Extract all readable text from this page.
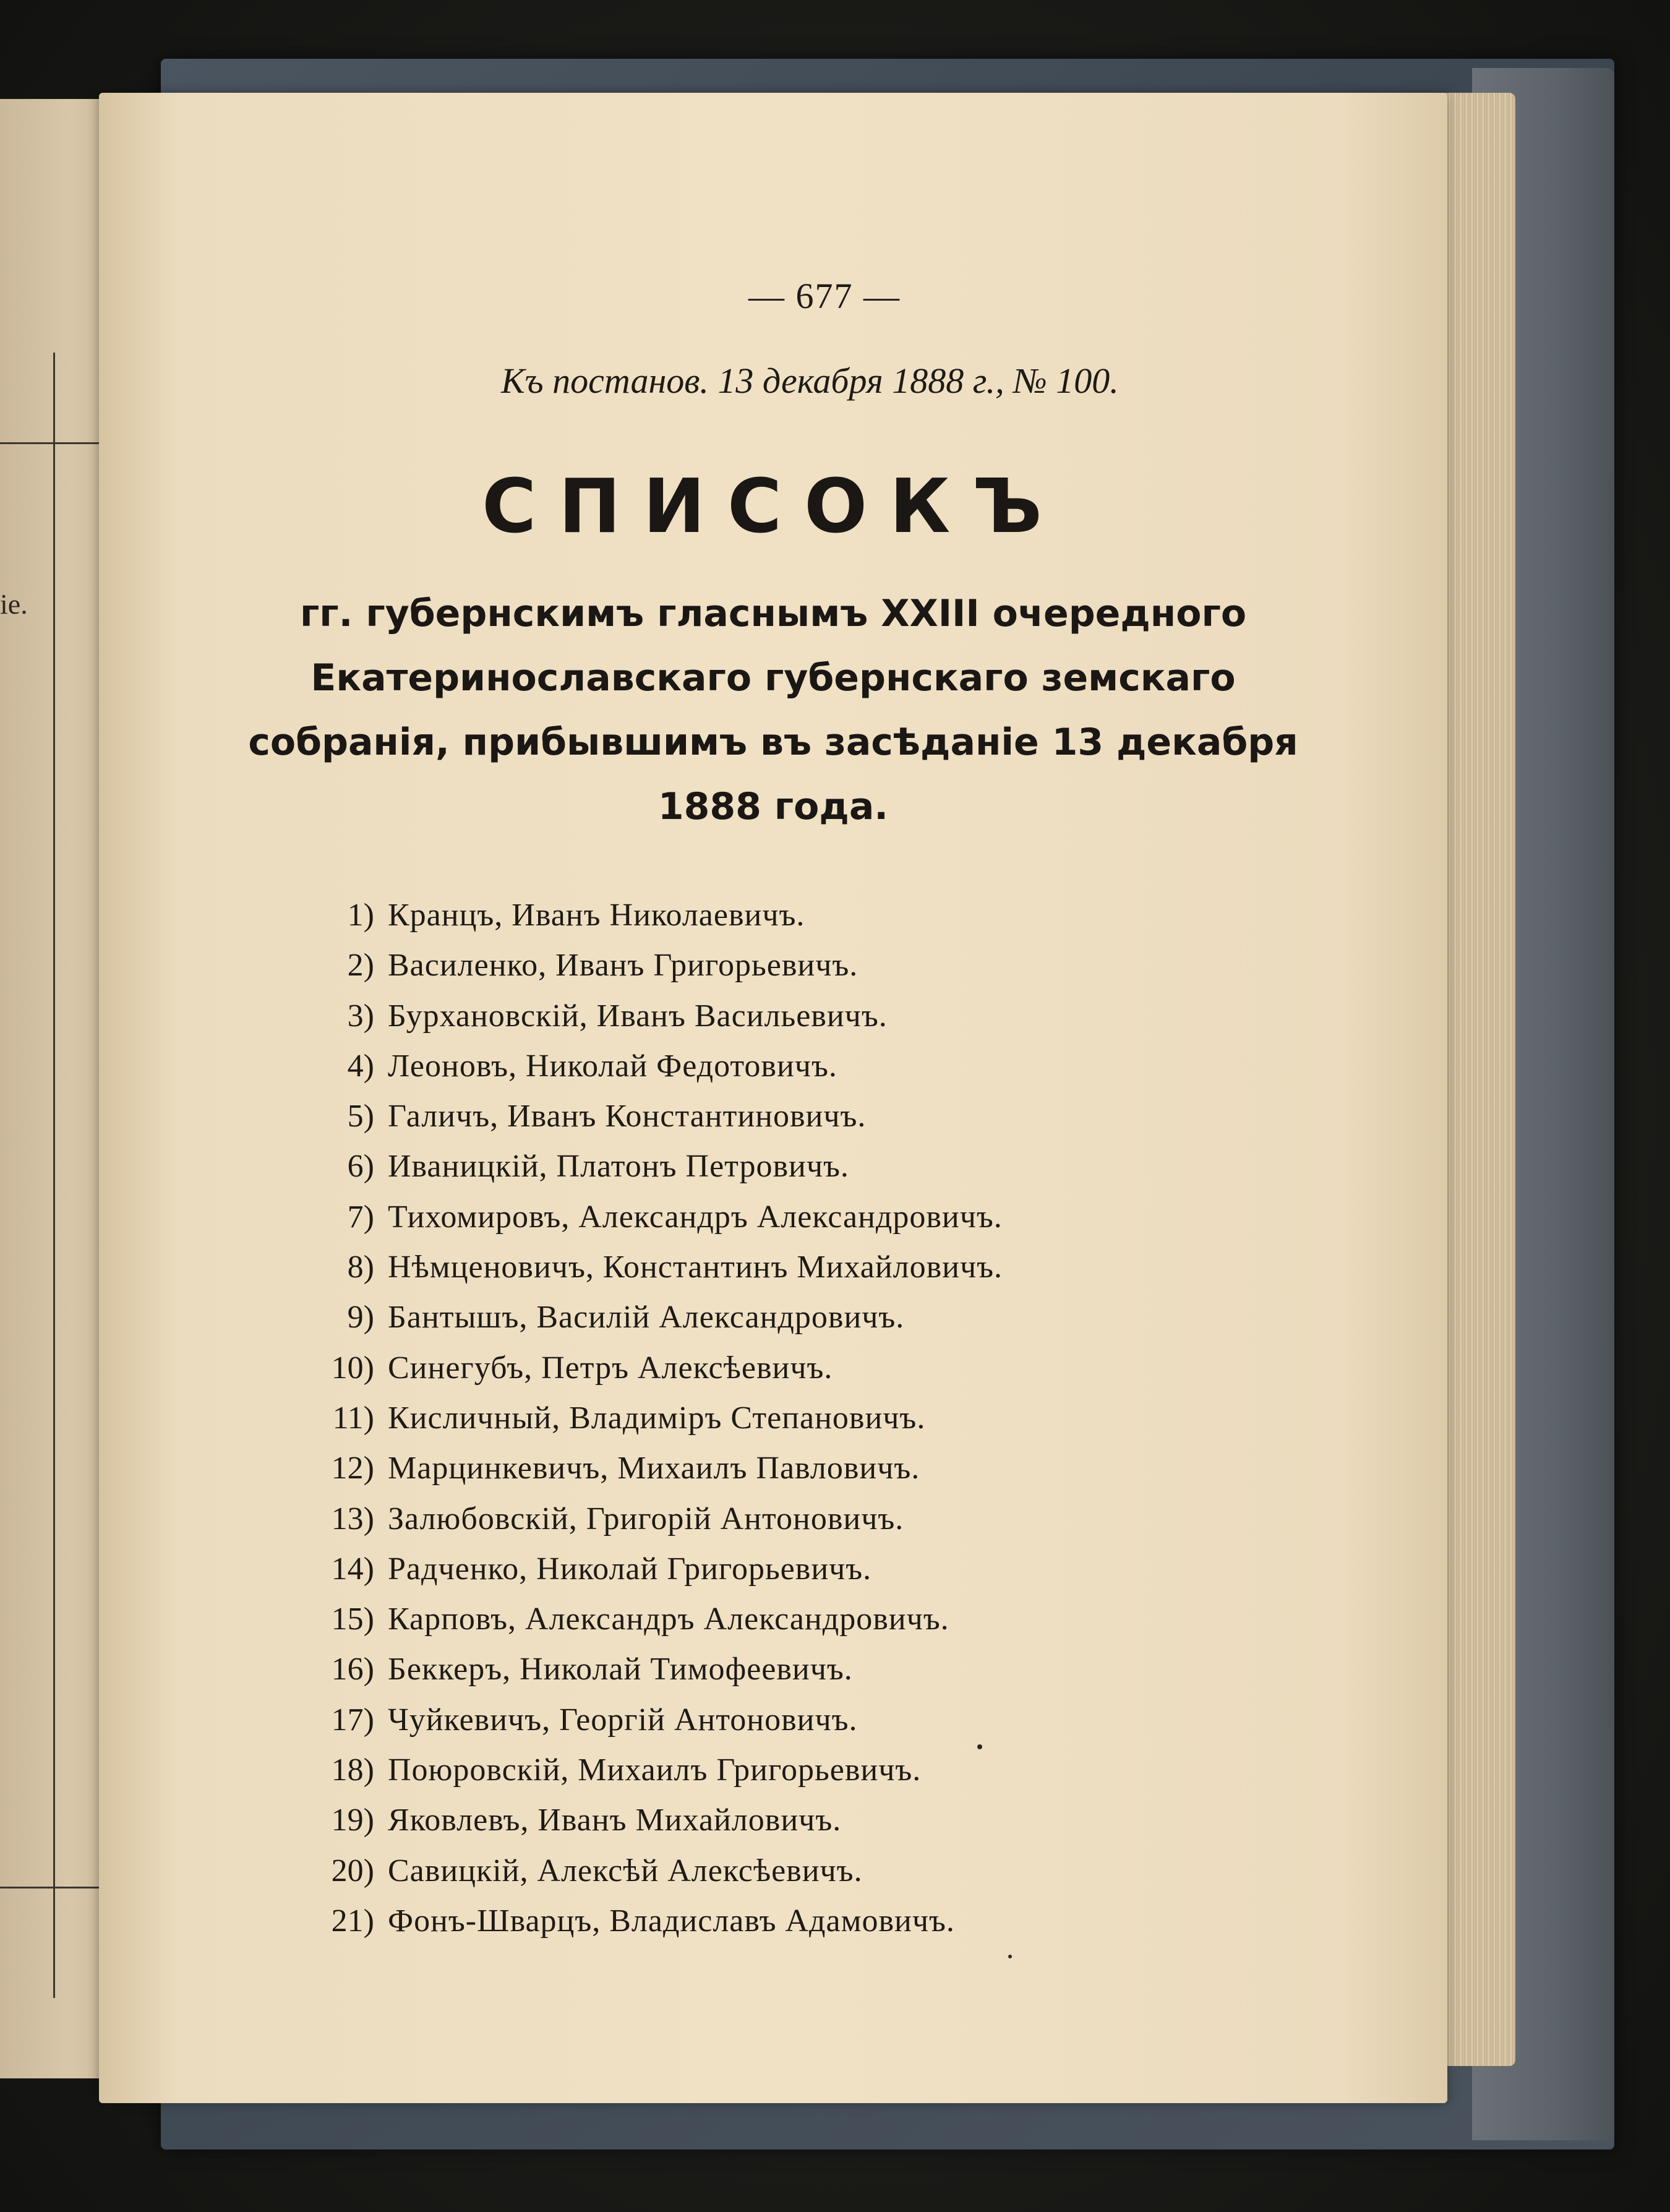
ie.
— 677 —
Къ постанов. 13 декабря 1888 г., № 100.
СПИСОКЪ
гг. губернскимъ гласнымъ XXIII очередного Екатеринославскаго губернскаго земскаго собранія, прибывшимъ въ засѣданіе 13 декабря 1888 года.
1) Кранцъ, Иванъ Николаевичъ.
2) Василенко, Иванъ Григорьевичъ.
3) Бурхановскій, Иванъ Васильевичъ.
4) Леоновъ, Николай Федотовичъ.
5) Галичъ, Иванъ Константиновичъ.
6) Иваницкій, Платонъ Петровичъ.
7) Тихомировъ, Александръ Александровичъ.
8) Нѣмценовичъ, Константинъ Михайловичъ.
9) Бантышъ, Василій Александровичъ.
10) Синегубъ, Петръ Алексѣевичъ.
11) Кисличный, Владиміръ Степановичъ.
12) Марцинкевичъ, Михаилъ Павловичъ.
13) Залюбовскій, Григорій Антоновичъ.
14) Радченко, Николай Григорьевичъ.
15) Карповъ, Александръ Александровичъ.
16) Беккеръ, Николай Тимофеевичъ.
17) Чуйкевичъ, Георгій Антоновичъ.
18) Поюровскій, Михаилъ Григорьевичъ.
19) Яковлевъ, Иванъ Михайловичъ.
20) Савицкій, Алексѣй Алексѣевичъ.
21) Фонъ-Шварцъ, Владиславъ Адамовичъ.
